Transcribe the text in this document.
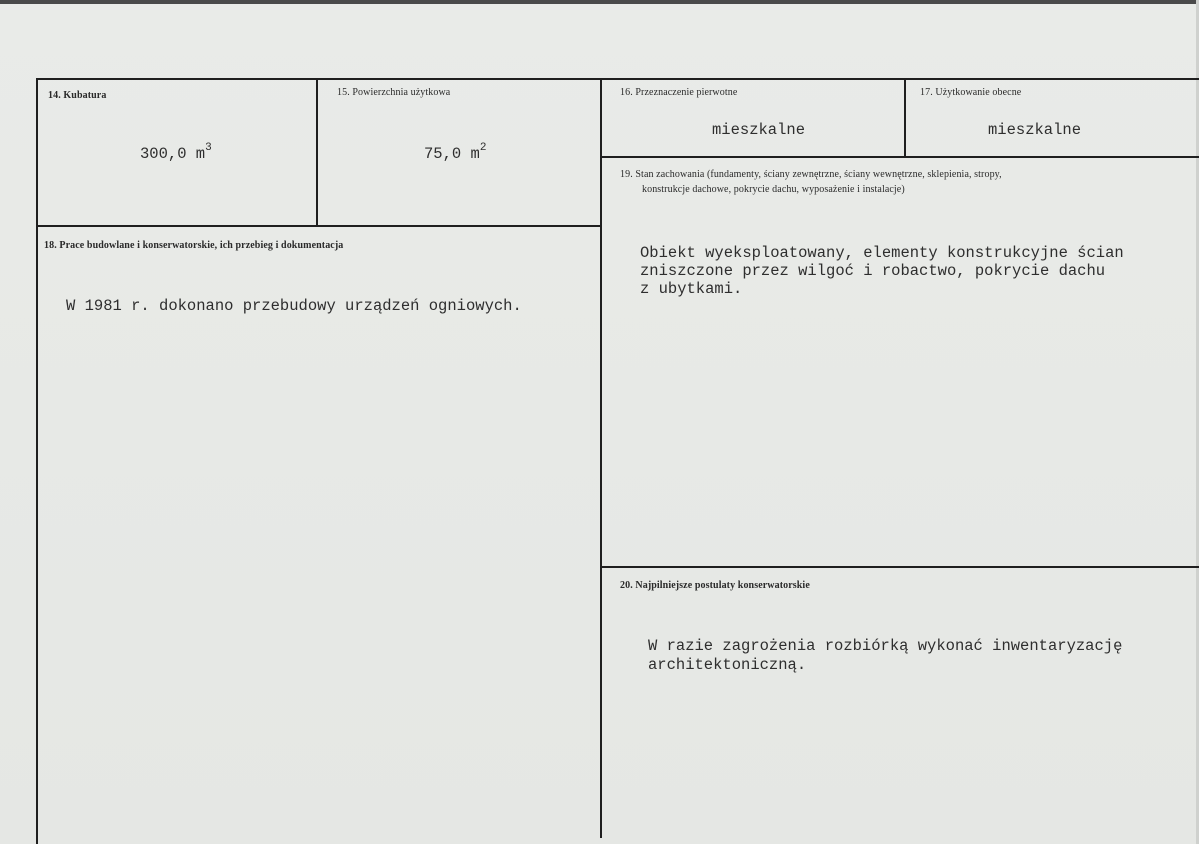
14. Kubatura
300,0 $m^3$
15. Powierzchnia użytkowa
75,0 $m^2$
16. Przeznaczenie pierwotne
mieszkalne
17. Użytkowanie obecne
mieszkalne
18. Prace budowlane i konserwatorskie, ich przebieg i dokumentacja
W 1981 r. dokonano przebudowy urządzeń ogniowych.
19. Stan zachowania (fundamenty, ściany zewnętrzne, ściany wewnętrzne, sklepienia, stropy,
konstrukcje dachowe, pokrycie dachu, wyposażenie i instalacje)
Obiekt wyeksploatowany, elementy konstrukcyjne ścian
zniszczone przez wilgoć i robactwo, pokrycie dachu
z ubytkami.
20. Najpilniejsze postulaty konserwatorskie
W razie zagrożenia rozbiórką wykonać inwentaryzację
architektoniczną.
